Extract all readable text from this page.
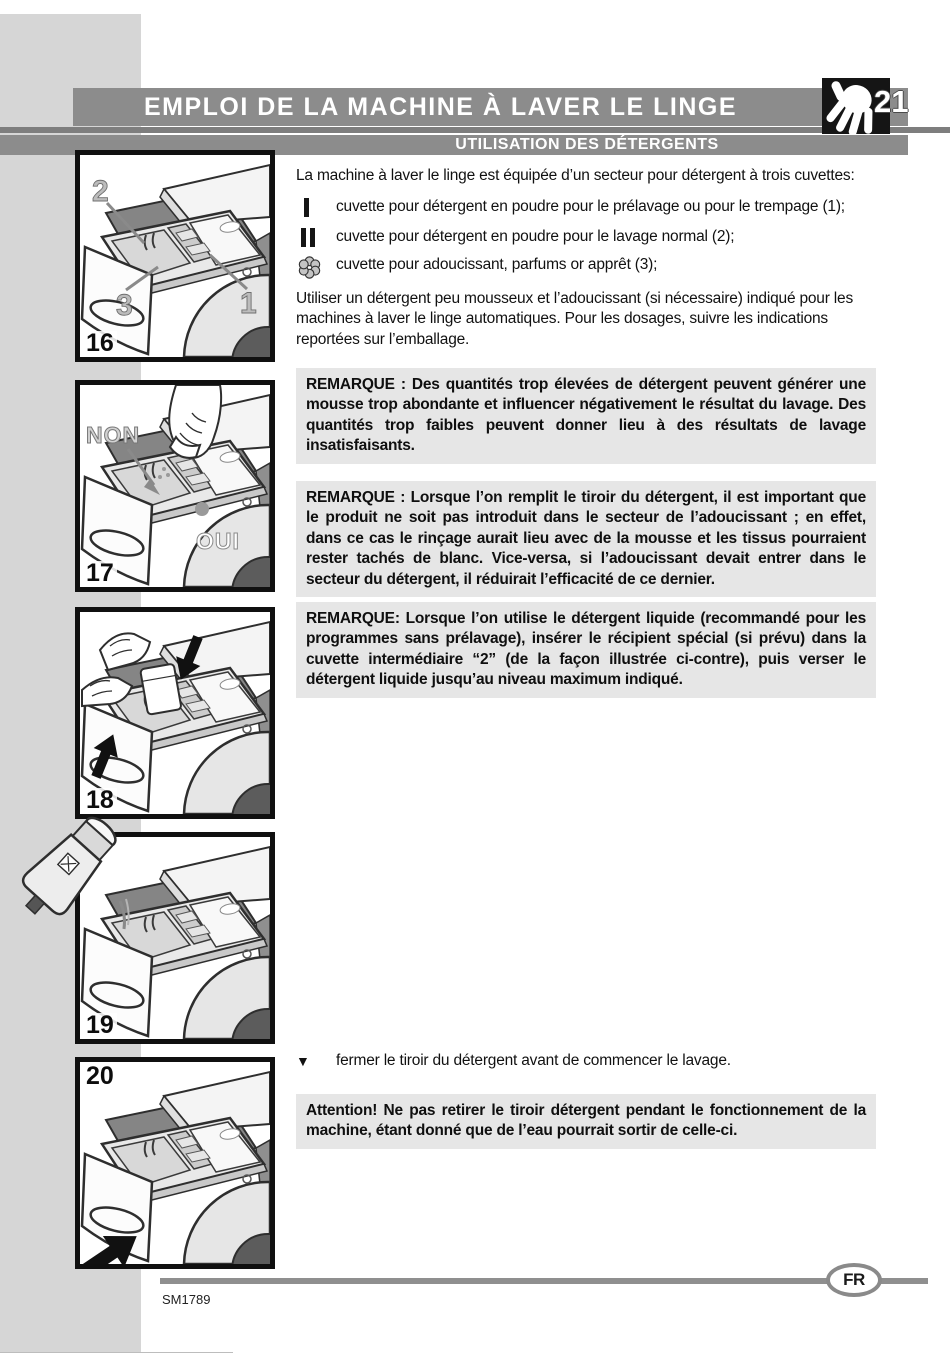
EMPLOI DE LA MACHINE À LAVER LE LINGE	21
UTILISATION DES DÉTERGENTS
2
3	1
16
NON
OUI
17
18
19
20
La machine à laver le linge est équipée d’un secteur pour détergent à trois cuvettes:
cuvette pour détergent en poudre pour le prélavage ou pour le trempage (1);
cuvette pour détergent en poudre pour le lavage normal (2);
cuvette pour adoucissant, parfums or apprêt (3);
Utiliser un détergent peu mousseux et l’adoucissant (si nécessaire) indiqué pour les machines à laver le linge automatiques. Pour les dosages, suivre les indications reportées sur l’emballage.
REMARQUE : Des quantités trop élevées de détergent peuvent générer une mousse trop abondante et influencer négativement le résultat du lavage. Des quantités trop faibles peuvent donner lieu à des résultats de lavage insatisfaisants.
REMARQUE : Lorsque l’on remplit le tiroir du détergent, il est important que le produit ne soit pas introduit dans le secteur de l’adoucissant ; en effet, dans ce cas le rinçage aurait lieu avec de la mousse et les tissus pourraient rester tachés de blanc. Vice-versa, si l’adoucissant devait entrer dans le secteur du détergent, il réduirait l’efficacité de ce dernier.
REMARQUE: Lorsque l’on utilise le détergent liquide (recommandé pour les programmes sans prélavage), insérer le récipient spécial (si prévu) dans la cuvette intermédiaire “2” (de la façon illustrée ci-contre), puis verser le détergent liquide jusqu’au niveau maximum indiqué.
▼	fermer le tiroir du détergent avant de commencer le lavage.
Attention! Ne pas retirer le tiroir détergent pendant le fonctionnement de la machine, étant donné que de l’eau pourrait sortir de celle-ci.
FR
SM1789
